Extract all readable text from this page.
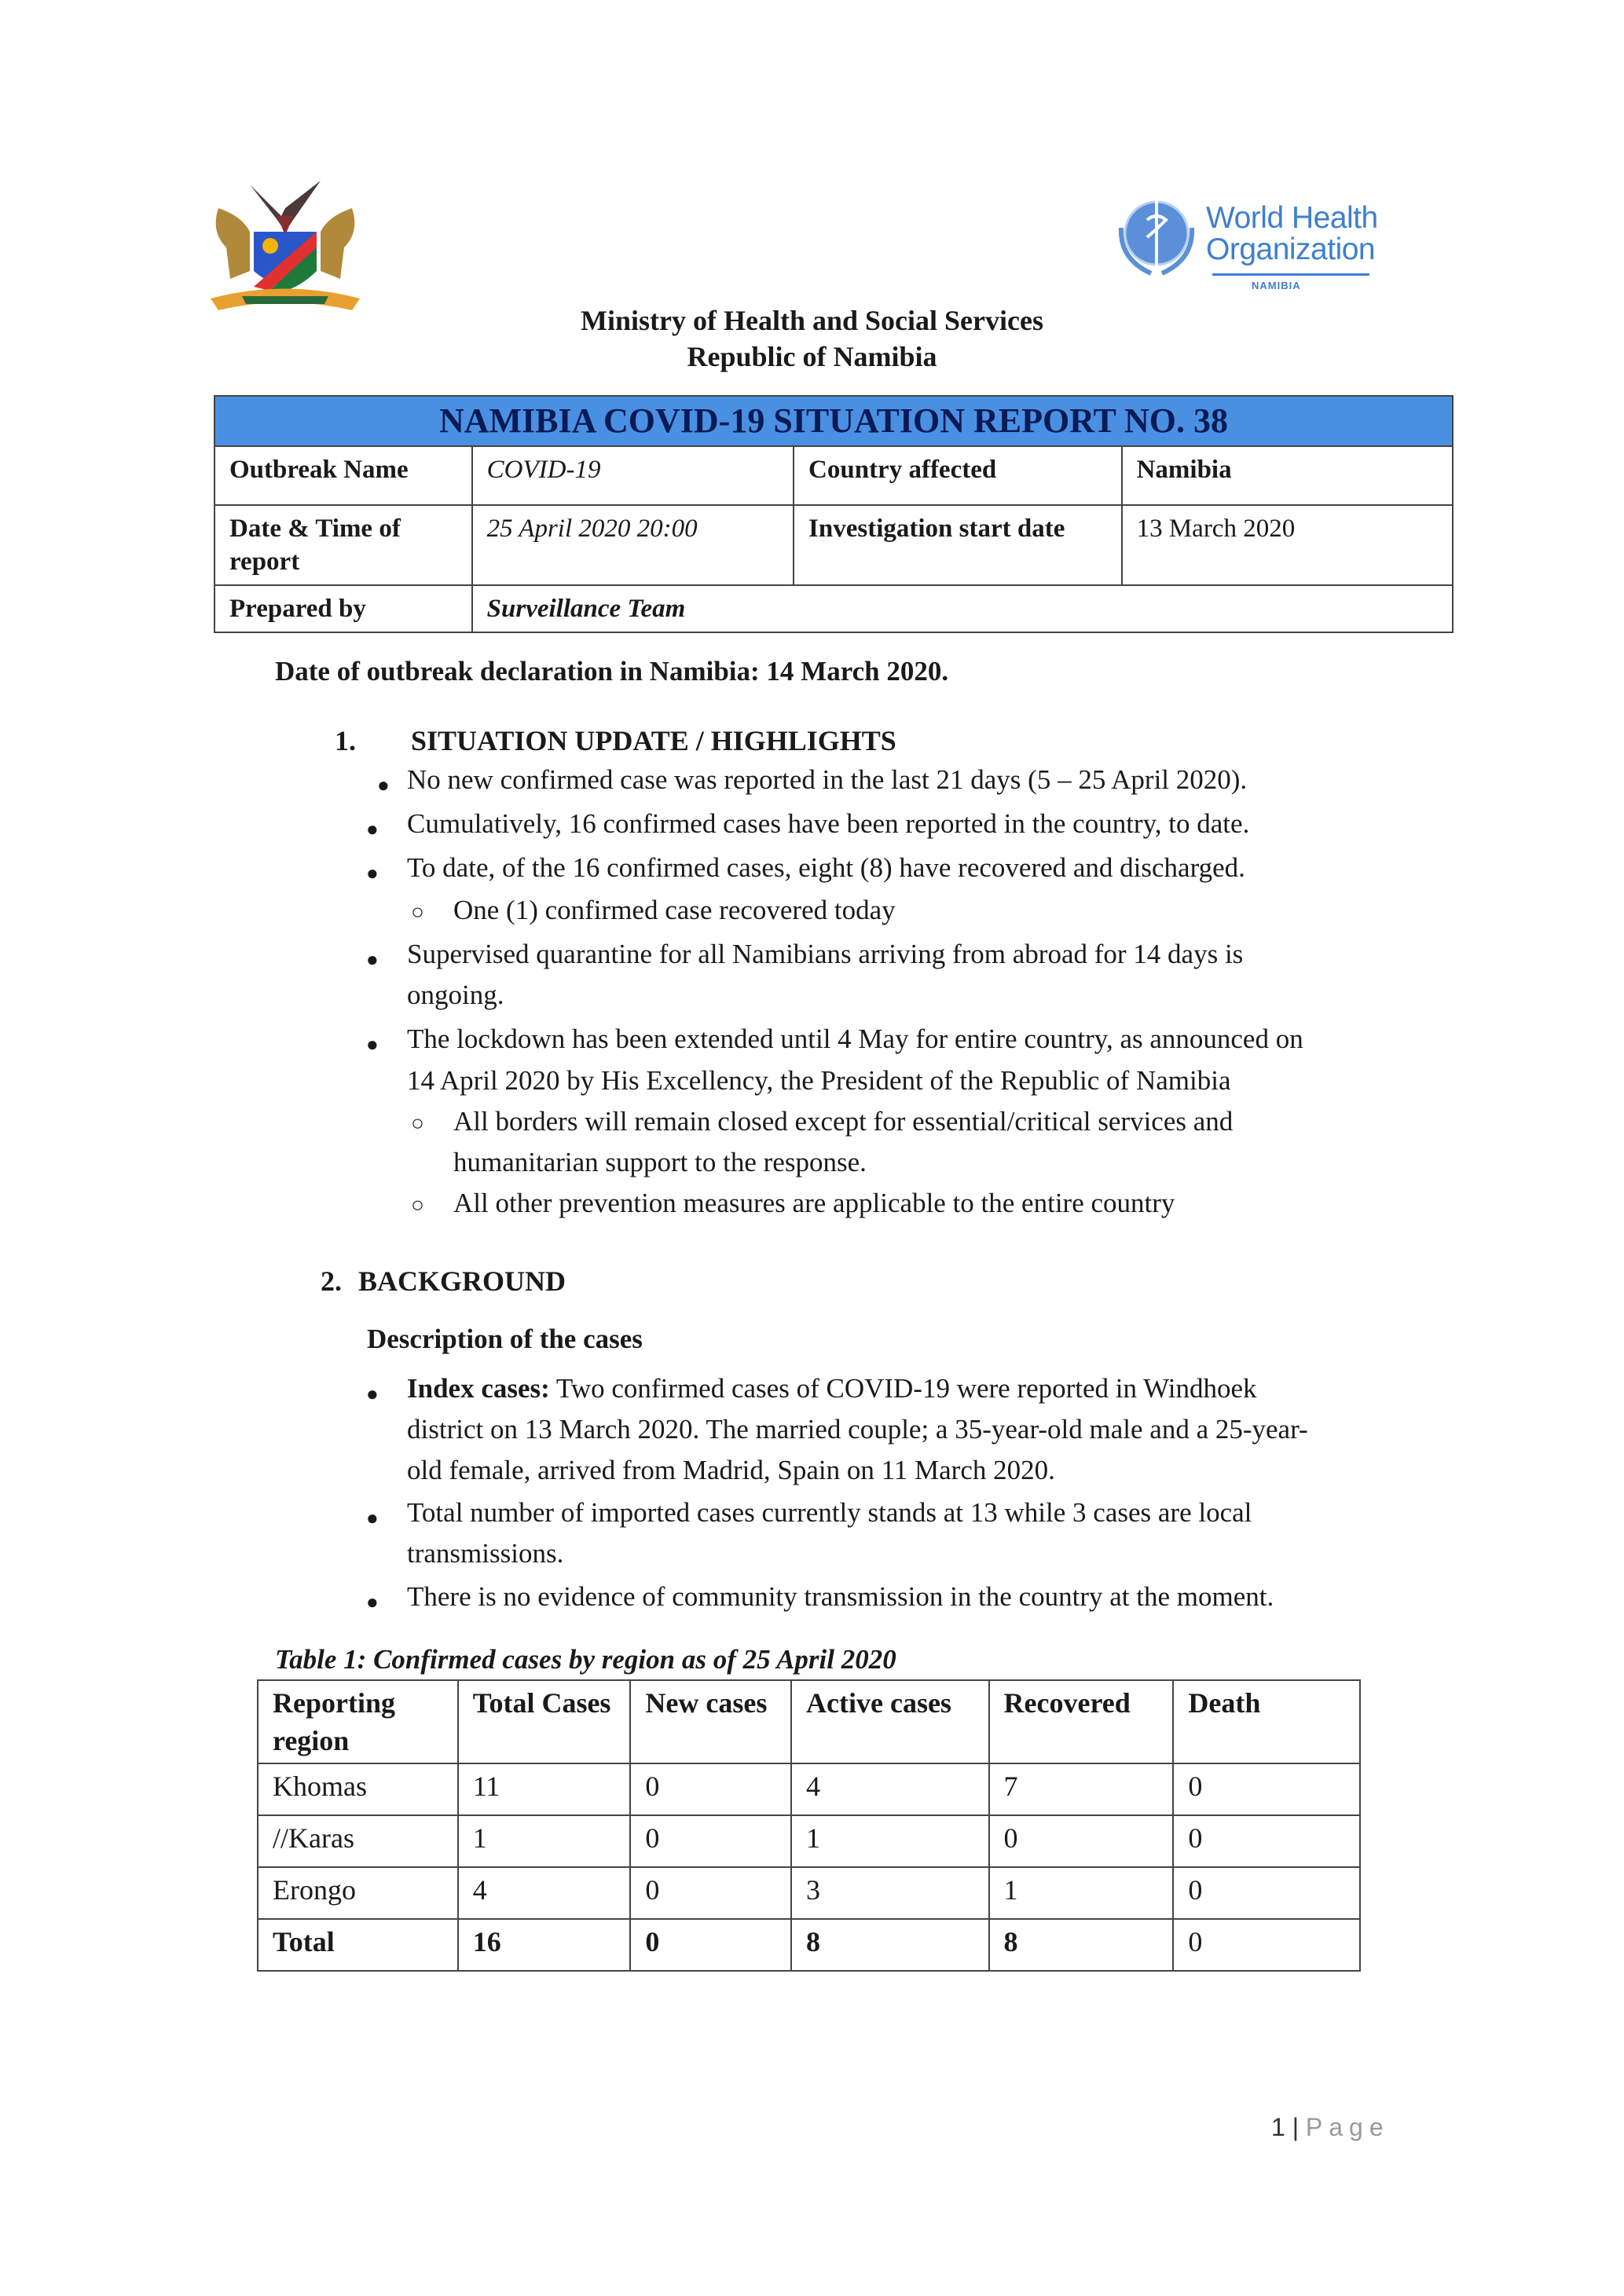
World Health
Organization
NAMIBIA
Ministry of Health and Social Services
Republic of Namibia
NAMIBIA COVID-19 SITUATION REPORT NO. 38			
Outbreak Name	COVID-19	Country affected	Namibia
Date & Time of report	25 April 2020 20:00	Investigation start date	13 March 2020
Prepared by	Surveillance Team		
Date of outbreak declaration in Namibia: 14 March 2020.
1. SITUATION UPDATE / HIGHLIGHTS
● No new confirmed case was reported in the last 21 days (5 – 25 April 2020).
● Cumulatively, 16 confirmed cases have been reported in the country, to date.
● To date, of the 16 confirmed cases, eight (8) have recovered and discharged.
○ One (1) confirmed case recovered today
● Supervised quarantine for all Namibians arriving from abroad for 14 days is
ongoing.
● The lockdown has been extended until 4 May for entire country, as announced on
14 April 2020 by His Excellency, the President of the Republic of Namibia
○ All borders will remain closed except for essential/critical services and
humanitarian support to the response.
○ All other prevention measures are applicable to the entire country
2. BACKGROUND
Description of the cases
● Index cases: Two confirmed cases of COVID-19 were reported in Windhoek
district on 13 March 2020. The married couple; a 35-year-old male and a 25-year-
old female, arrived from Madrid, Spain on 11 March 2020.
● Total number of imported cases currently stands at 13 while 3 cases are local
transmissions.
● There is no evidence of community transmission in the country at the moment.
Table 1: Confirmed cases by region as of 25 April 2020
Reporting region	Total Cases	New cases	Active cases	Recovered	Death
Khomas	11	0	4	7	0
//Karas	1	0	1	0	0
Erongo	4	0	3	1	0
Total	16	0	8	8	0
1 | Page
